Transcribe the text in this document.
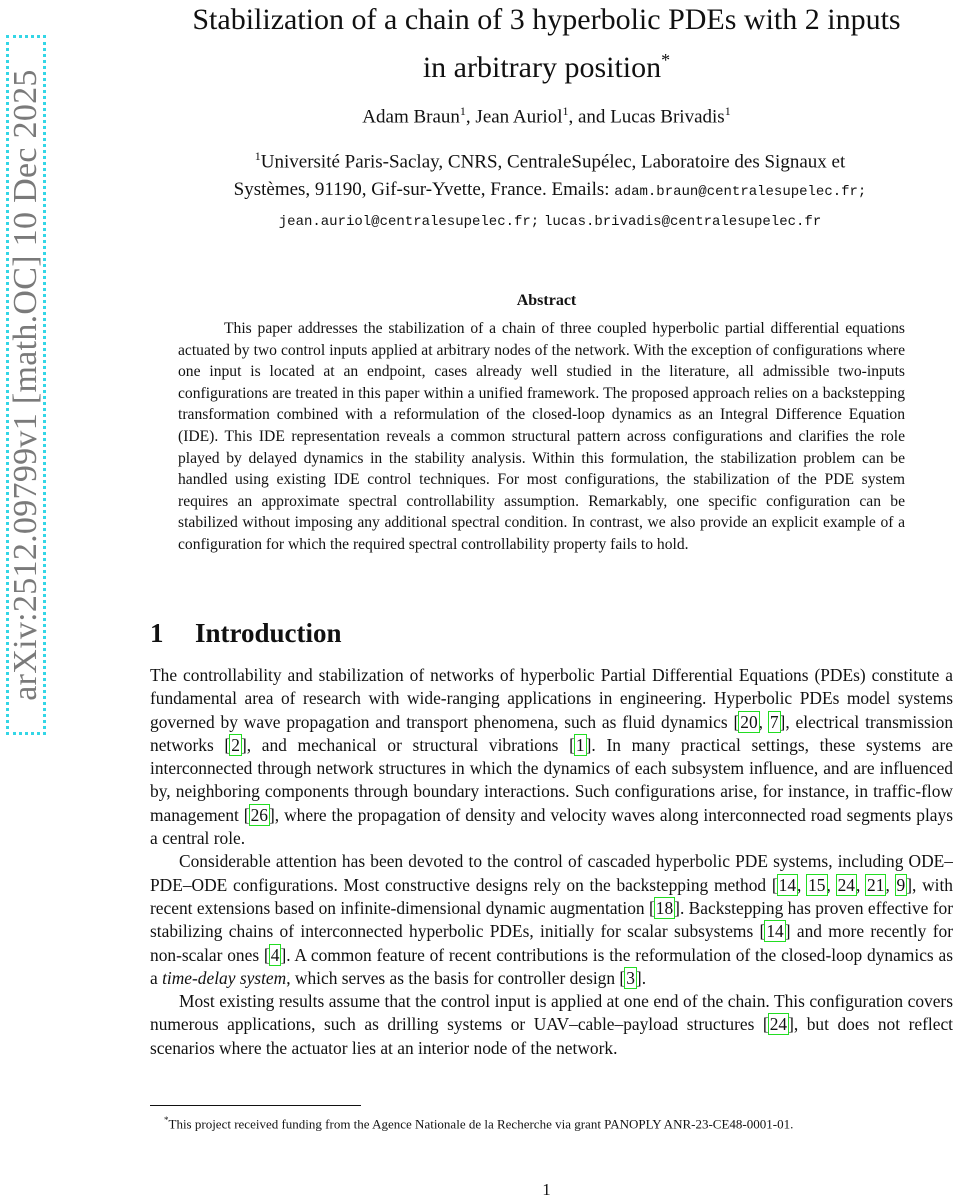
arXiv:2512.09799v1 [math.OC] 10 Dec 2025
Stabilization of a chain of 3 hyperbolic PDEs with 2 inputs
in arbitrary position*
Adam Braun$^1$, Jean Auriol$^1$, and Lucas Brivadis$^1$
$^1$Université Paris-Saclay, CNRS, CentraleSupélec, Laboratoire des Signaux et
Systèmes, 91190, Gif-sur-Yvette, France. Emails: adam.braun@centralesupelec.fr;
jean.auriol@centralesupelec.fr; lucas.brivadis@centralesupelec.fr
Abstract

This paper addresses the stabilization of a chain of three coupled hyperbolic partial differential equations actuated by two control inputs applied at arbitrary nodes of the network. With the exception of configurations where one input is located at an endpoint, cases already well studied in the literature, all admissible two-inputs configurations are treated in this paper within a unified framework. The proposed approach relies on a backstepping transformation combined with a reformulation of the closed-loop dynamics as an Integral Difference Equation (IDE). This IDE representation reveals a common structural pattern across configurations and clarifies the role played by delayed dynamics in the stability analysis. Within this formulation, the stabilization problem can be handled using existing IDE control techniques. For most configurations, the stabilization of the PDE system requires an approximate spectral controllability assumption. Remarkably, one specific configuration can be stabilized without imposing any additional spectral condition. In contrast, we also provide an explicit example of a configuration for which the required spectral controllability property fails to hold.

1 Introduction

The controllability and stabilization of networks of hyperbolic Partial Differential Equations (PDEs) constitute a fundamental area of research with wide-ranging applications in engineering. Hyperbolic PDEs model systems governed by wave propagation and transport phenomena, such as fluid dynamics [20, 7], electrical transmission networks [2], and mechanical or structural vibrations [1]. In many practical settings, these systems are interconnected through network structures in which the dynamics of each subsystem influence, and are influenced by, neighboring components through boundary interactions. Such configurations arise, for instance, in traffic-flow management [26], where the propagation of density and velocity waves along interconnected road segments plays a central role.

Considerable attention has been devoted to the control of cascaded hyperbolic PDE systems, including ODE–PDE–ODE configurations. Most constructive designs rely on the backstepping method [14, 15, 24, 21, 9], with recent extensions based on infinite-dimensional dynamic augmentation [18]. Backstepping has proven effective for stabilizing chains of interconnected hyperbolic PDEs, initially for scalar subsystems [14] and more recently for non-scalar ones [4]. A common feature of recent contributions is the reformulation of the closed-loop dynamics as a time-delay system, which serves as the basis for controller design [3].

Most existing results assume that the control input is applied at one end of the chain. This configuration covers numerous applications, such as drilling systems or UAV–cable–payload structures [24], but does not reflect scenarios where the actuator lies at an interior node of the network.

*This project received funding from the Agence Nationale de la Recherche via grant PANOPLY ANR-23-CE48-0001-01.

1
